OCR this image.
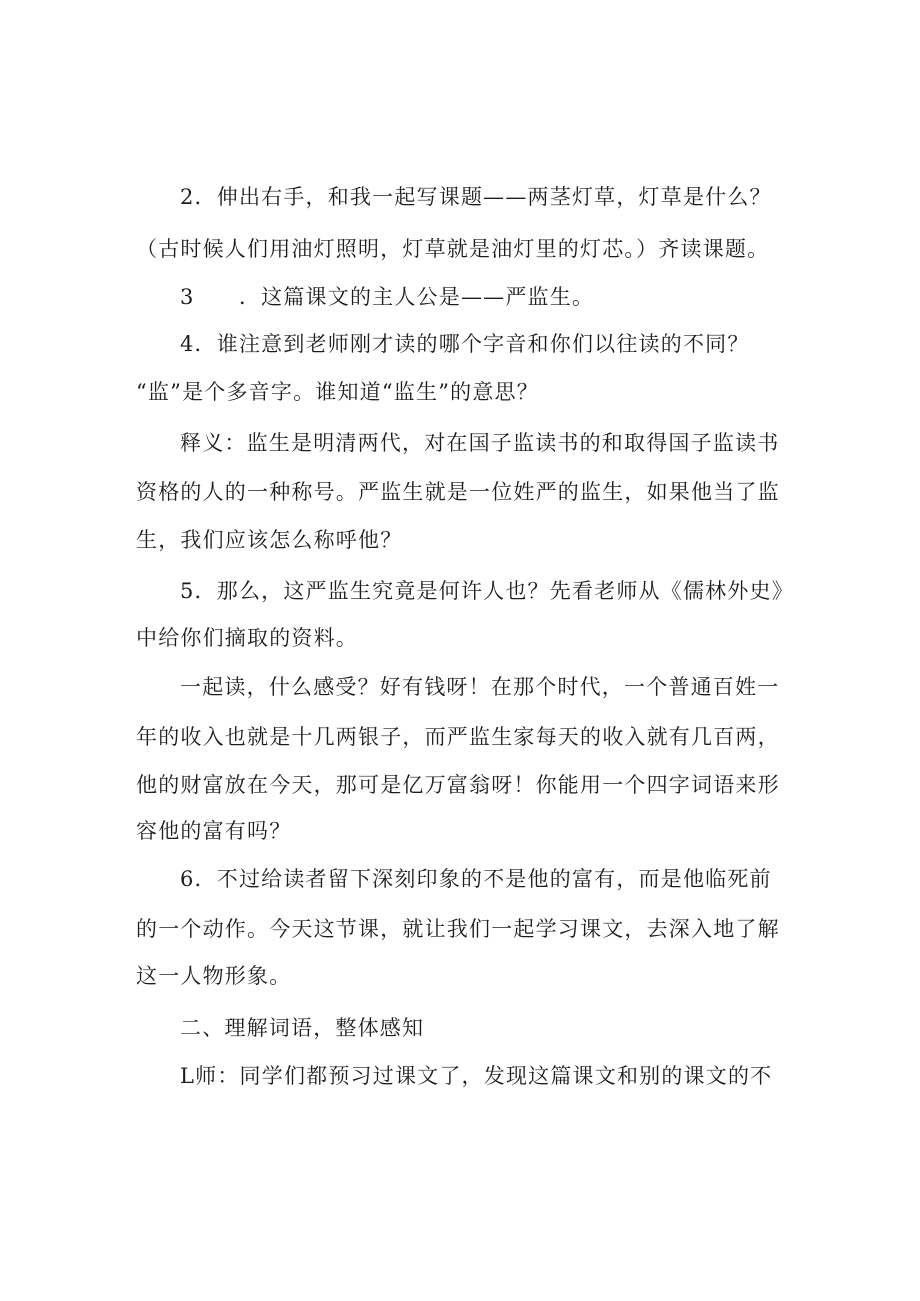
2．伸出右手，和我一起写课题——两茎灯草，灯草是什么？
（古时候人们用油灯照明，灯草就是油灯里的灯芯。）齐读课题。
3　　．这篇课文的主人公是——严监生。
4．谁注意到老师刚才读的哪个字音和你们以往读的不同？
“监”是个多音字。谁知道“监生”的意思？
释义：监生是明清两代，对在国子监读书的和取得国子监读书
资格的人的一种称号。严监生就是一位姓严的监生，如果他当了监
生，我们应该怎么称呼他？
5．那么，这严监生究竟是何许人也？先看老师从《儒林外史》
中给你们摘取的资料。
一起读，什么感受？好有钱呀！在那个时代，一个普通百姓一
年的收入也就是十几两银子，而严监生家每天的收入就有几百两，
他的财富放在今天，那可是亿万富翁呀！你能用一个四字词语来形
容他的富有吗？
6．不过给读者留下深刻印象的不是他的富有，而是他临死前
的一个动作。今天这节课，就让我们一起学习课文，去深入地了解
这一人物形象。
二、理解词语，整体感知
L师：同学们都预习过课文了，发现这篇课文和别的课文的不
